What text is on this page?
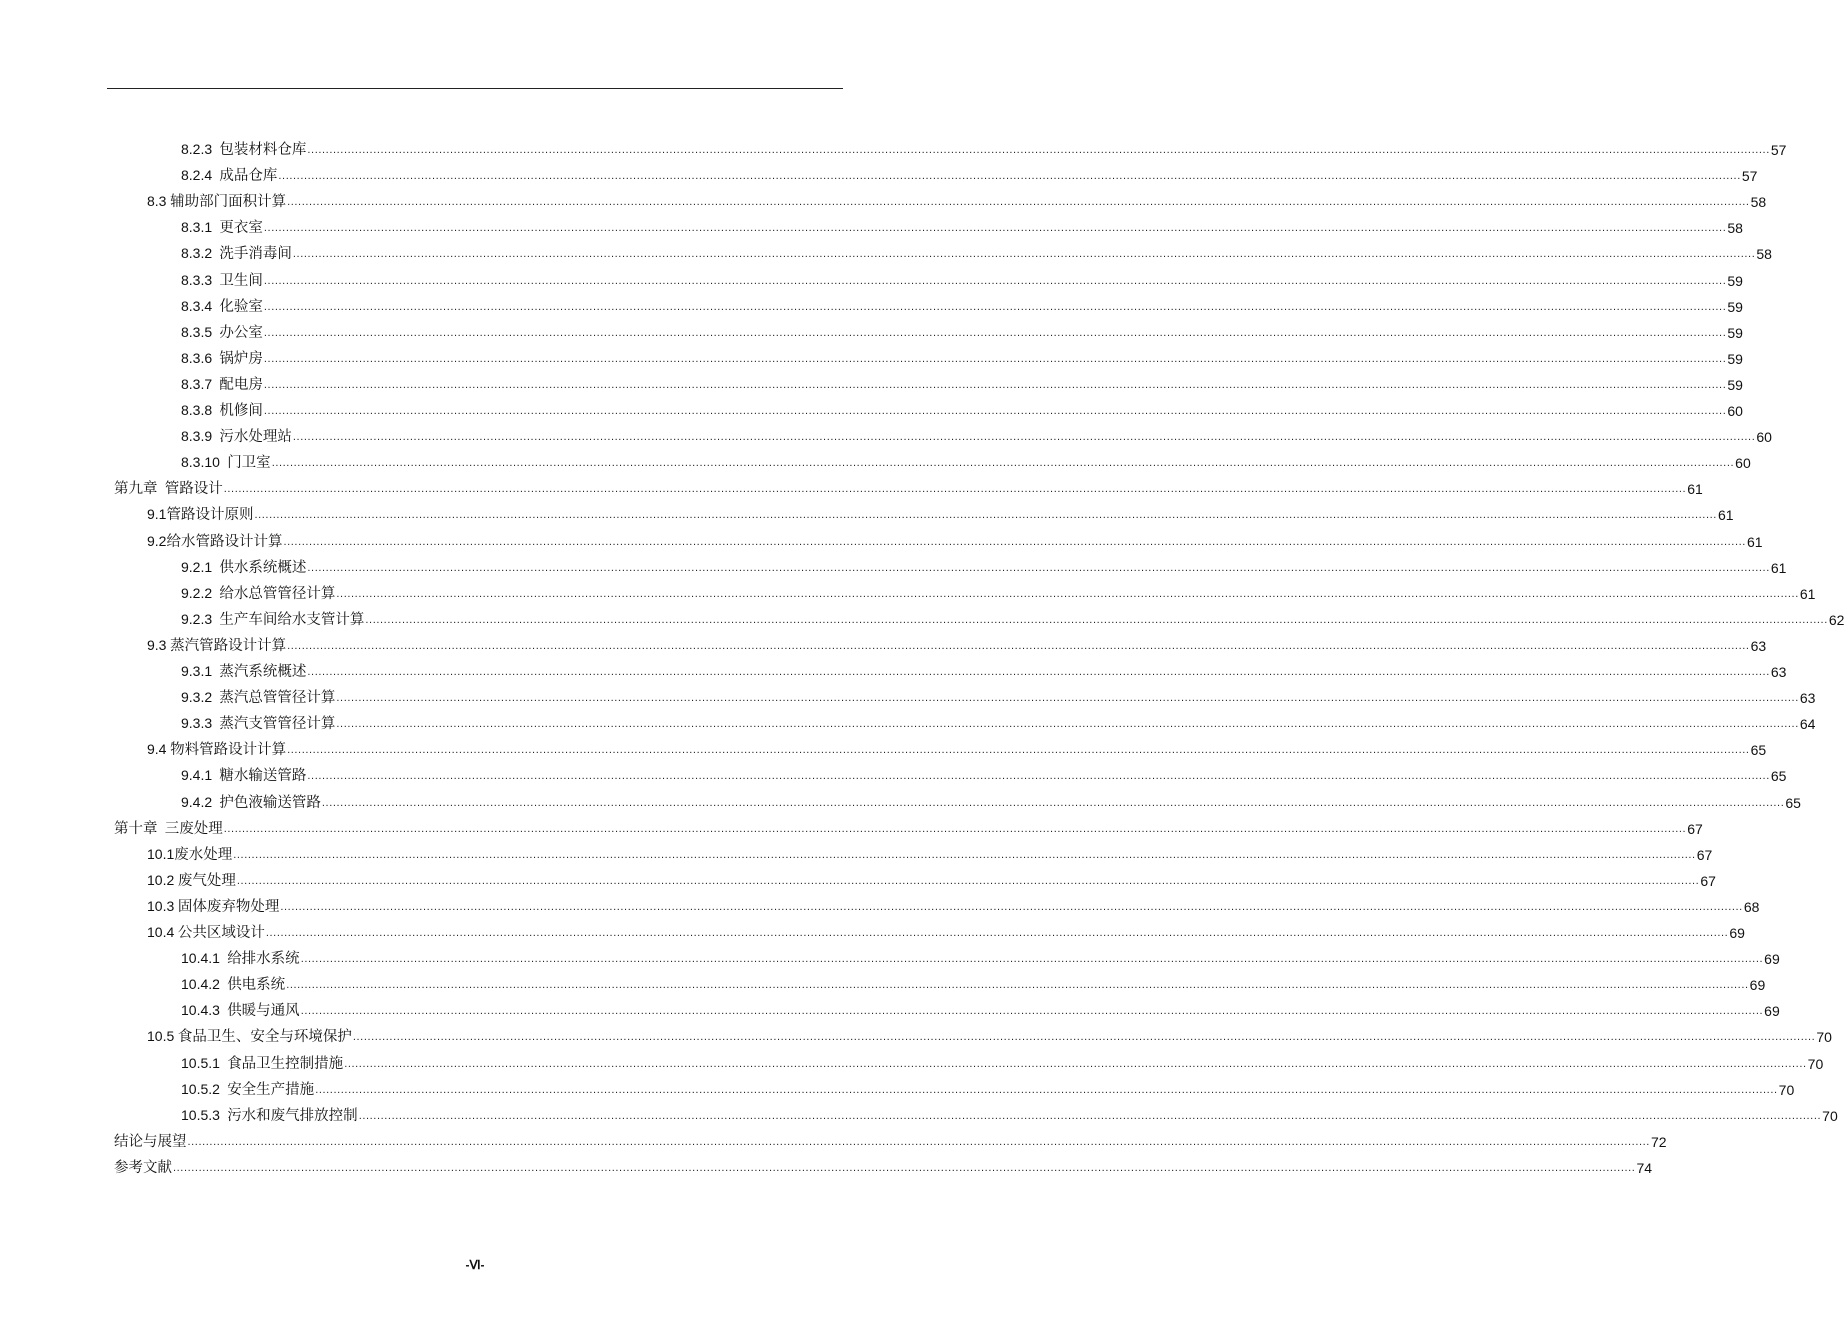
8.2.3 包装材料仓库 ................................................................................................................................................................................................................................................................................................................................................................................................................ 57
8.2.4 成品仓库 ................................................................................................................................................................................................................................................................................................................................................................................................................ 57
8.3 辅助部门面积计算 ................................................................................................................................................................................................................................................................................................................................................................................................................ 58
8.3.1 更衣室 ................................................................................................................................................................................................................................................................................................................................................................................................................ 58
8.3.2 洗手消毒间 ................................................................................................................................................................................................................................................................................................................................................................................................................ 58
8.3.3 卫生间 ................................................................................................................................................................................................................................................................................................................................................................................................................ 59
8.3.4 化验室 ................................................................................................................................................................................................................................................................................................................................................................................................................ 59
8.3.5 办公室 ................................................................................................................................................................................................................................................................................................................................................................................................................ 59
8.3.6 锅炉房 ................................................................................................................................................................................................................................................................................................................................................................................................................ 59
8.3.7 配电房 ................................................................................................................................................................................................................................................................................................................................................................................................................ 59
8.3.8 机修间 ................................................................................................................................................................................................................................................................................................................................................................................................................ 60
8.3.9 污水处理站 ................................................................................................................................................................................................................................................................................................................................................................................................................ 60
8.3.10 门卫室 ................................................................................................................................................................................................................................................................................................................................................................................................................ 60
第九章 管路设计 ................................................................................................................................................................................................................................................................................................................................................................................................................ 61
9.1管路设计原则 ................................................................................................................................................................................................................................................................................................................................................................................................................ 61
9.2给水管路设计计算 ................................................................................................................................................................................................................................................................................................................................................................................................................ 61
9.2.1 供水系统概述 ................................................................................................................................................................................................................................................................................................................................................................................................................ 61
9.2.2 给水总管管径计算 ................................................................................................................................................................................................................................................................................................................................................................................................................ 61
9.2.3 生产车间给水支管计算 ................................................................................................................................................................................................................................................................................................................................................................................................................ 62
9.3 蒸汽管路设计计算 ................................................................................................................................................................................................................................................................................................................................................................................................................ 63
9.3.1 蒸汽系统概述 ................................................................................................................................................................................................................................................................................................................................................................................................................ 63
9.3.2 蒸汽总管管径计算 ................................................................................................................................................................................................................................................................................................................................................................................................................ 63
9.3.3 蒸汽支管管径计算 ................................................................................................................................................................................................................................................................................................................................................................................................................ 64
9.4 物料管路设计计算 ................................................................................................................................................................................................................................................................................................................................................................................................................ 65
9.4.1 糖水输送管路 ................................................................................................................................................................................................................................................................................................................................................................................................................ 65
9.4.2 护色液输送管路 ................................................................................................................................................................................................................................................................................................................................................................................................................ 65
第十章 三废处理 ................................................................................................................................................................................................................................................................................................................................................................................................................ 67
10.1废水处理 ................................................................................................................................................................................................................................................................................................................................................................................................................ 67
10.2 废气处理 ................................................................................................................................................................................................................................................................................................................................................................................................................ 67
10.3 固体废弃物处理 ................................................................................................................................................................................................................................................................................................................................................................................................................ 68
10.4 公共区域设计 ................................................................................................................................................................................................................................................................................................................................................................................................................ 69
10.4.1 给排水系统 ................................................................................................................................................................................................................................................................................................................................................................................................................ 69
10.4.2 供电系统 ................................................................................................................................................................................................................................................................................................................................................................................................................ 69
10.4.3 供暖与通风 ................................................................................................................................................................................................................................................................................................................................................................................................................ 69
10.5 食品卫生、安全与环境保护 ................................................................................................................................................................................................................................................................................................................................................................................................................ 70
10.5.1 食品卫生控制措施 ................................................................................................................................................................................................................................................................................................................................................................................................................ 70
10.5.2 安全生产措施 ................................................................................................................................................................................................................................................................................................................................................................................................................ 70
10.5.3 污水和废气排放控制 ................................................................................................................................................................................................................................................................................................................................................................................................................ 70
结论与展望 ................................................................................................................................................................................................................................................................................................................................................................................................................ 72
参考文献 ................................................................................................................................................................................................................................................................................................................................................................................................................ 74
-Ⅵ-
